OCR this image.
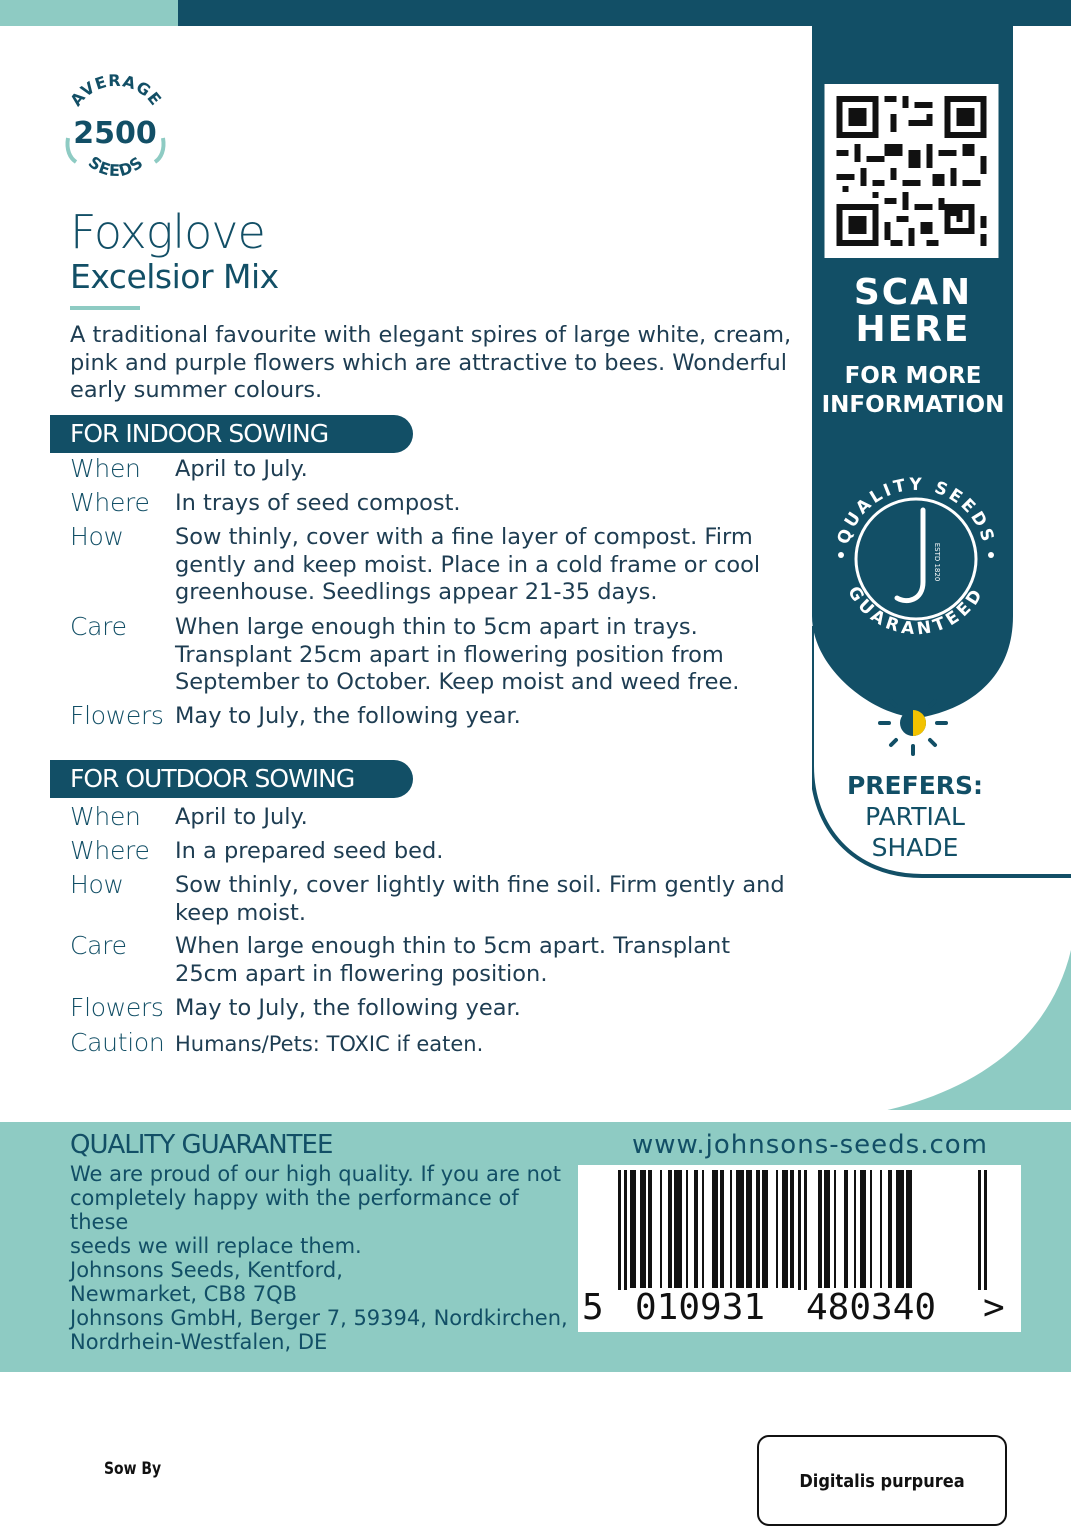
SCAN
HERE
FOR MORE
INFORMATION
QUALITY SEEDS
GUARANTEED
ESTD 1820
PREFERS:
PARTIAL
SHADE
AVERAGE
2500
SEEDS
Foxglove
Excelsior Mix
A traditional favourite with elegant spires of large white, cream, pink and purple flowers which are attractive to bees. Wonderful early summer colours.
FOR INDOOR SOWING
When April to July.
Where In trays of seed compost.
How Sow thinly, cover with a fine layer of compost. Firm gently and keep moist. Place in a cold frame or cool greenhouse. Seedlings appear 21-35 days.
Care When large enough thin to 5cm apart in trays. Transplant 25cm apart in flowering position from September to October. Keep moist and weed free.
Flowers May to July, the following year.
FOR OUTDOOR SOWING
When April to July.
Where In a prepared seed bed.
How Sow thinly, cover lightly with fine soil. Firm gently and keep moist.
Care When large enough thin to 5cm apart. Transplant 25cm apart in flowering position.
Flowers May to July, the following year.
Caution Humans/Pets: TOXIC if eaten.
QUALITY GUARANTEE
We are proud of our high quality. If you are not
completely happy with the performance of these
seeds we will replace them.
Johnsons Seeds, Kentford,
Newmarket, CB8 7QB
Johnsons GmbH, Berger 7, 59394, Nordkirchen,
Nordrhein-Westfalen, DE
www.johnsons-seeds.com
5 010931 480340 >
Sow By
Digitalis purpurea
